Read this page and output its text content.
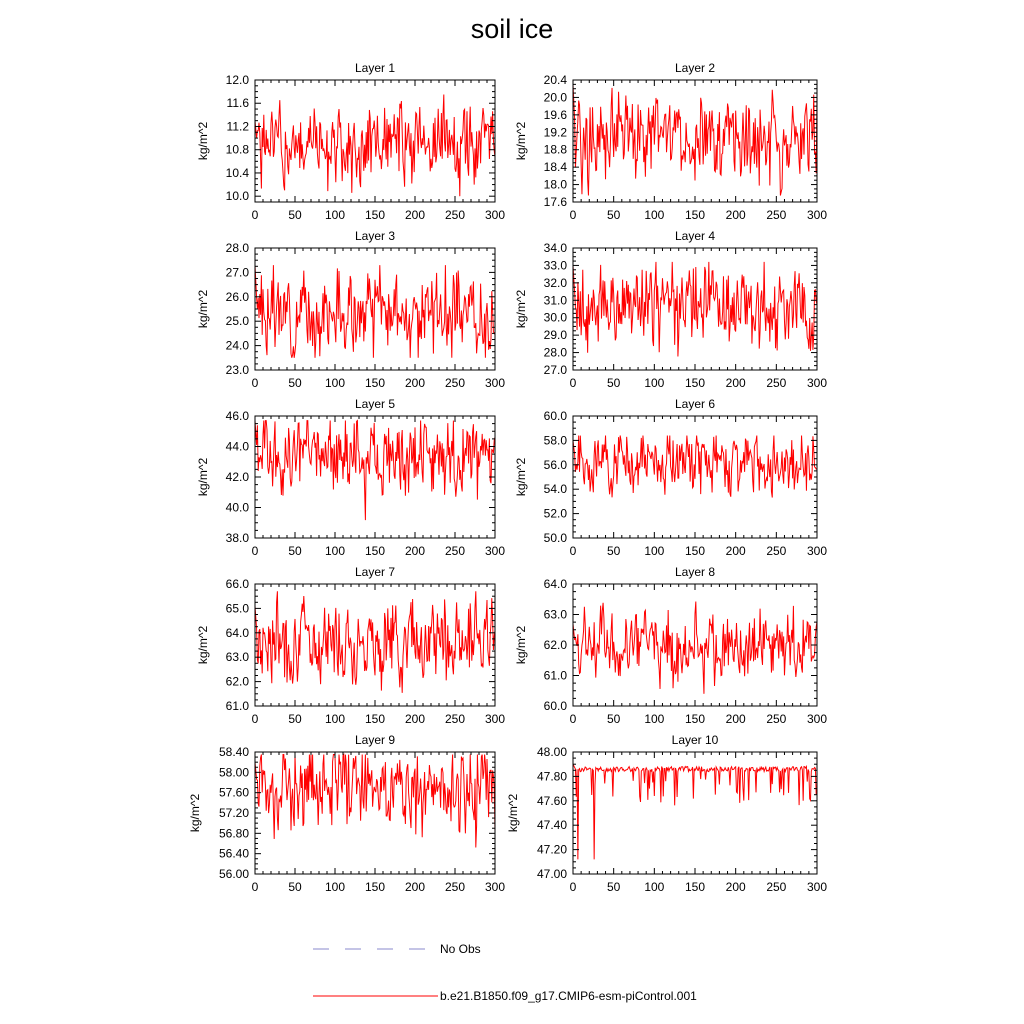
soil ice
0 50 100 150 200 250 300
10.0
10.4
10.8
11.2
11.6
12.0
Layer 1
kg/m^2
0	50 100 150 200 250 300
17.6
18.0
18.4
18.8
19.2
19.6
20.0
20.4
Layer 2
kg/m^2
0 50 100 150 200 250 300
23.0
24.0
25.0
26.0
27.0
28.0
Layer 3
kg/m^2
0	50 100 150 200 250 300
27.0
28.0
29.0
30.0
31.0
32.0
33.0
34.0
Layer 4
kg/m^2
0 50 100 150 200 250 300
38.0
40.0
42.0
44.0
46.0
Layer 5
kg/m^2
0	50 100 150 200 250 300
50.0
52.0
54.0
56.0
58.0
60.0
Layer 6
kg/m^2
0 50 100 150 200 250 300
61.0
62.0
63.0
64.0
65.0
66.0
Layer 7
kg/m^2
0	50 100 150 200 250 300
60.0
61.0
62.0
63.0
64.0
Layer 8
kg/m^2
0 50 100 150 200 250 300
56.00
56.40
56.80
57.20
57.60
58.00
58.40
Layer 9
kg/m^2
0	50 100 150 200 250 300
47.00
47.20
47.40
47.60
47.80
48.00
Layer 10
kg/m^2
No Obs
b.e21.B1850.f09_g17.CMIP6-esm-piControl.001
